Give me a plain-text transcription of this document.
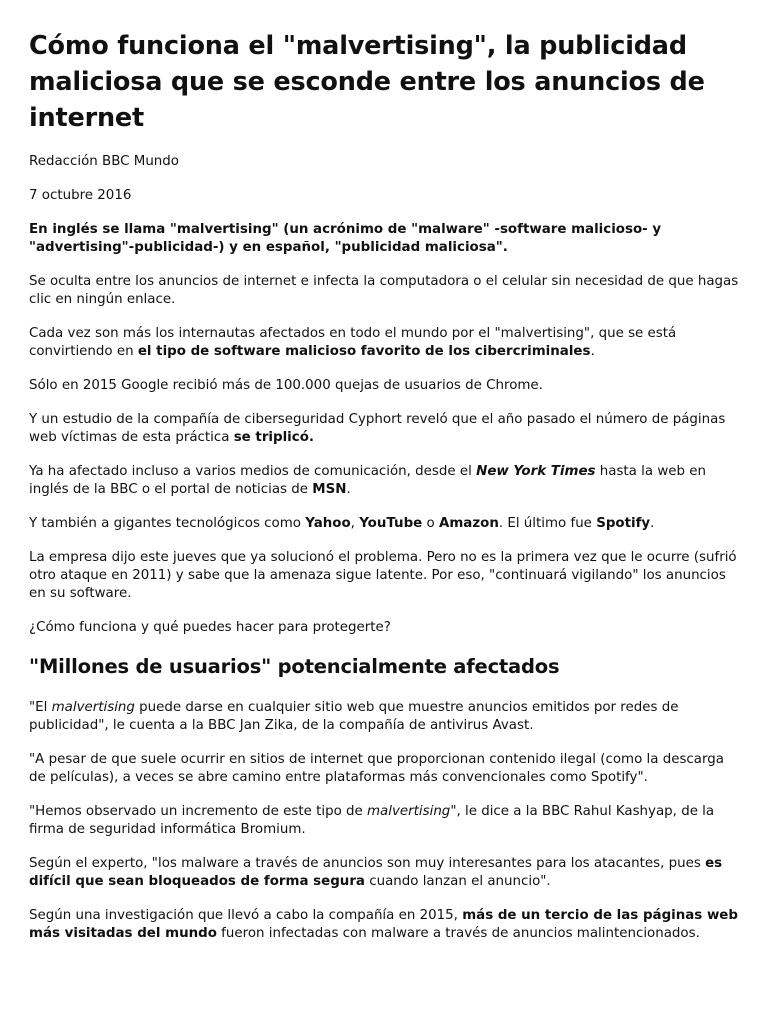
Cómo funciona el "malvertising", la publicidad maliciosa que se esconde entre los anuncios de internet

Redacción BBC Mundo

7 octubre 2016

En inglés se llama "malvertising" (un acrónimo de "malware" -software malicioso- y "advertising"-publicidad-) y en español, "publicidad maliciosa".

Se oculta entre los anuncios de internet e infecta la computadora o el celular sin necesidad de que hagas clic en ningún enlace.

Cada vez son más los internautas afectados en todo el mundo por el "malvertising", que se está convirtiendo en el tipo de software malicioso favorito de los cibercriminales.

Sólo en 2015 Google recibió más de 100.000 quejas de usuarios de Chrome.

Y un estudio de la compañía de ciberseguridad Cyphort reveló que el año pasado el número de páginas web víctimas de esta práctica se triplicó.

Ya ha afectado incluso a varios medios de comunicación, desde el New York Times hasta la web en inglés de la BBC o el portal de noticias de MSN.

Y también a gigantes tecnológicos como Yahoo, YouTube o Amazon. El último fue Spotify.

La empresa dijo este jueves que ya solucionó el problema. Pero no es la primera vez que le ocurre (sufrió otro ataque en 2011) y sabe que la amenaza sigue latente. Por eso, "continuará vigilando" los anuncios en su software.

¿Cómo funciona y qué puedes hacer para protegerte?

"Millones de usuarios" potencialmente afectados

"El malvertising puede darse en cualquier sitio web que muestre anuncios emitidos por redes de publicidad", le cuenta a la BBC Jan Zika, de la compañía de antivirus Avast.

"A pesar de que suele ocurrir en sitios de internet que proporcionan contenido ilegal (como la descarga de películas), a veces se abre camino entre plataformas más convencionales como Spotify".

"Hemos observado un incremento de este tipo de malvertising", le dice a la BBC Rahul Kashyap, de la firma de seguridad informática Bromium.

Según el experto, "los malware a través de anuncios son muy interesantes para los atacantes, pues es difícil que sean bloqueados de forma segura cuando lanzan el anuncio".

Según una investigación que llevó a cabo la compañía en 2015, más de un tercio de las páginas web más visitadas del mundo fueron infectadas con malware a través de anuncios malintencionados.
